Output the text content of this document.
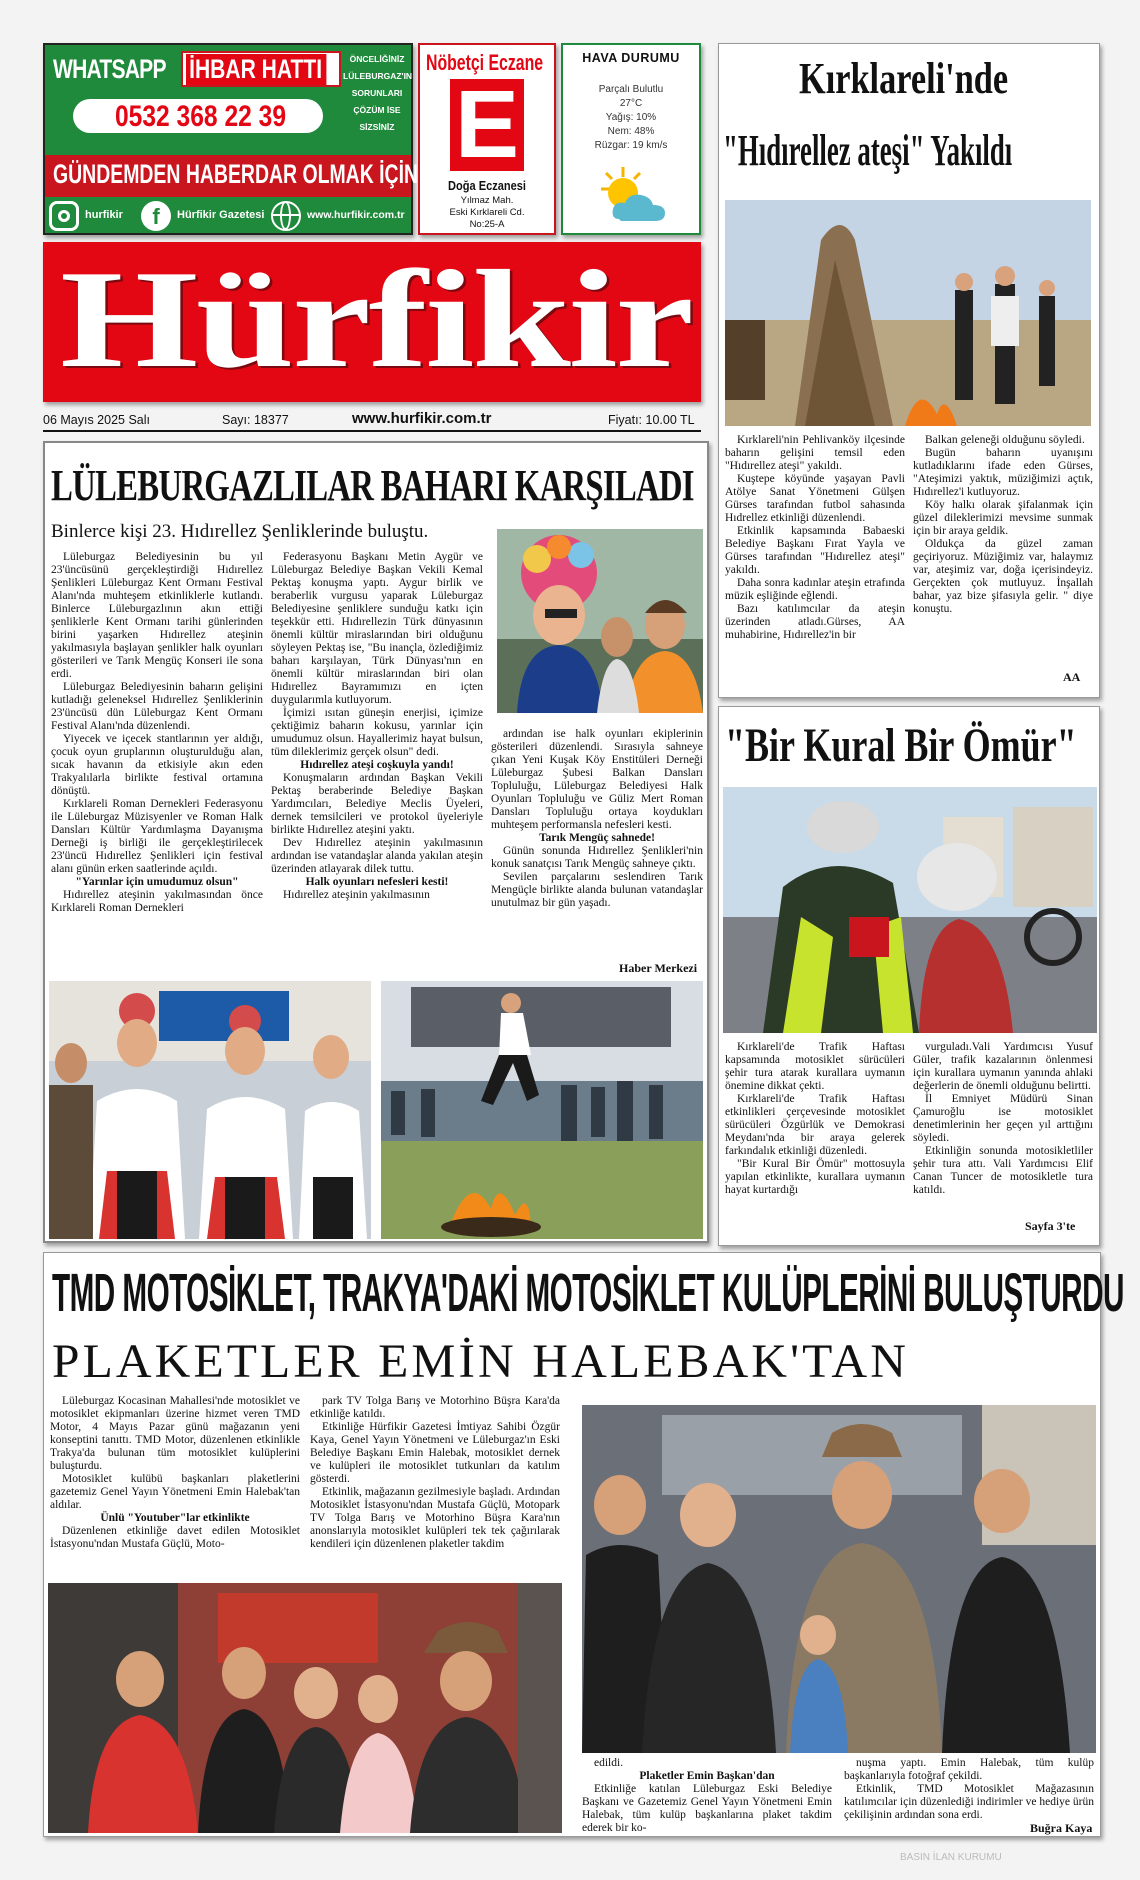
WHATSAPP İHBAR HATTI
0532 368 22 39
ÖNCELİĞİNİZ
LÜLEBURGAZ'IN
SORUNLARI
ÇÖZÜM İSE
SİZSİNİZ
GÜNDEMDEN HABERDAR OLMAK İÇİN
hurfikir	f	Hürfikir Gazetesi	www.hurfikir.com.tr
Nöbetçi Eczane
E
Doğa Eczanesi
Yılmaz Mah.
Eski Kırklareli Cd.
No:25-A
HAVA DURUMU
Parçalı Bulutlu
27°C
Yağış: 10%
Nem: 48%
Rüzgar: 19 km/s
Hürfikir
06 Mayıs 2025 Salı	Sayı: 18377	www.hurfikir.com.tr	Fiyatı: 10.00 TL
LÜLEBURGAZLILAR BAHARI KARŞILADI
Binlerce kişi 23. Hıdırellez Şenliklerinde buluştu.

Lüleburgaz Belediyesinin bu yıl 23'üncüsünü gerçekleştirdiği Hıdırellez Şenlikleri Lüleburgaz Kent Ormanı Festival Alanı'nda muhteşem etkinliklerle kutlandı. Binlerce Lüleburgazlının akın ettiği şenliklerle Kent Ormanı tarihi günlerinden birini yaşarken Hıdırellez ateşinin yakılmasıyla başlayan şenlikler halk oyunları gösterileri ve Tarık Mengüç Konseri ile sona erdi.

Lüleburgaz Belediyesinin baharın gelişini kutladığı geleneksel Hıdırellez Şenliklerinin 23'üncüsü dün Lüleburgaz Kent Ormanı Festival Alanı'nda düzenlendi.

Yiyecek ve içecek stantlarının yer aldığı, çocuk oyun gruplarının oluşturulduğu alan, sıcak havanın da etkisiyle akın eden Trakyalılarla birlikte festival ortamına dönüştü.

Kırklareli Roman Dernekleri Federasyonu ile Lüleburgaz Müzisyenler ve Roman Halk Dansları Kültür Yardımlaşma Dayanışma Derneği iş birliği ile gerçekleştirilecek 23'üncü Hıdırellez Şenlikleri için festival alanı günün erken saatlerinde açıldı.

"Yarınlar için umudumuz olsun"

Hıdırellez ateşinin yakılmasından önce Kırklareli Roman Dernekleri

Federasyonu Başkanı Metin Aygür ve Lüleburgaz Belediye Başkan Vekili Kemal Pektaş konuşma yaptı. Aygur birlik ve beraberlik vurgusu yaparak Lüleburgaz Belediyesine şenliklere sunduğu katkı için teşekkür etti. Hıdırellezin Türk dünyasının önemli kültür miraslarından biri olduğunu söyleyen Pektaş ise, "Bu inançla, özlediğimiz baharı karşılayan, Türk Dünyası'nın en önemli kültür miraslarından biri olan Hıdırellez Bayramımızı en içten duygularımla kutluyorum.

İçimizi ısıtan güneşin enerjisi, içimize çektiğimiz baharın kokusu, yarınlar için umudumuz olsun. Hayallerimiz hayat bulsun, tüm dileklerimiz gerçek olsun" dedi.

Hıdırellez ateşi coşkuyla yandı!

Konuşmaların ardından Başkan Vekili Pektaş beraberinde Belediye Başkan Yardımcıları, Belediye Meclis Üyeleri, dernek temsilcileri ve protokol üyeleriyle birlikte Hıdırellez ateşini yaktı.

Dev Hıdırellez ateşinin yakılmasının ardından ise vatandaşlar alanda yakılan ateşin üzerinden atlayarak dilek tuttu.

Halk oyunları nefesleri kesti!

Hıdırellez ateşinin yakılmasının

ardından ise halk oyunları ekiplerinin gösterileri düzenlendi. Sırasıyla sahneye çıkan Yeni Kuşak Köy Enstitüleri Derneği Lüleburgaz Şubesi Balkan Dansları Topluluğu, Lüleburgaz Belediyesi Halk Oyunları Topluluğu ve Güliz Mert Roman Dansları Topluluğu ortaya koydukları muhteşem performansla nefesleri kesti.

Tarık Mengüç sahnede!

Günün sonunda Hıdırellez Şenlikleri'nin konuk sanatçısı Tarık Mengüç sahneye çıktı.

Sevilen parçalarını seslendiren Tarık Mengüçle birlikte alanda bulunan vatandaşlar unutulmaz bir gün yaşadı.

Haber Merkezi
Kırklareli'nde
"Hıdırellez ateşi" Yakıldı

Kırklareli'nin Pehlivanköy ilçesinde baharın gelişini temsil eden "Hıdırellez ateşi" yakıldı.

Kuştepe köyünde yaşayan Pavli Atölye Sanat Yönetmeni Gülşen Gürses tarafından futbol sahasında Hıdrellez etkinliği düzenlendi.

Etkinlik kapsamında Babaeski Belediye Başkanı Fırat Yayla ve Gürses tarafından "Hıdırellez ateşi" yakıldı.

Daha sonra kadınlar ateşin etrafında müzik eşliğinde eğlendi.

Bazı katılımcılar da ateşin üzerinden atladı.Gürses, AA muhabirine, Hıdırellez'in bir

Balkan geleneği olduğunu söyledi.

Bugün baharın uyanışını kutladıklarını ifade eden Gürses, "Ateşimizi yaktık, müziğimizi açtık, Hıdırellez'i kutluyoruz.

Köy halkı olarak şifalanmak için güzel dileklerimizi mevsime sunmak için bir araya geldik.

Oldukça da güzel zaman geçiriyoruz. Müziğimiz var, halaymız var, ateşimiz var, doğa içerisindeyiz. Gerçekten çok mutluyuz. İnşallah bahar, yaz bize şifasıyla gelir. " diye konuştu.

AA
"Bir Kural Bir Ömür"

Kırklareli'de Trafik Haftası kapsamında motosiklet sürücüleri şehir tura atarak kurallara uymanın önemine dikkat çekti.

Kırklareli'de Trafik Haftası etkinlikleri çerçevesinde motosiklet sürücüleri Özgürlük ve Demokrasi Meydanı'nda bir araya gelerek farkındalık etkinliği düzenledi.

"Bir Kural Bir Ömür" mottosuyla yapılan etkinlikte, kurallara uymanın hayat kurtardığı

vurguladı.Vali Yardımcısı Yusuf Güler, trafik kazalarının önlenmesi için kurallara uymanın yanında ahlaki değerlerin de önemli olduğunu belirtti.

İl Emniyet Müdürü Sinan Çamuroğlu ise motosiklet denetimlerinin her geçen yıl arttığını söyledi.

Etkinliğin sonunda motosikletliler şehir tura attı. Vali Yardımcısı Elif Canan Tuncer de motosikletle tura katıldı.

Sayfa 3'te
TMD MOTOSİKLET, TRAKYA'DAKİ MOTOSİKLET KULÜPLERİNİ BULUŞTURDU
PLAKETLER EMİN HALEBAK'TAN

Lüleburgaz Kocasinan Mahallesi'nde motosiklet ve motosiklet ekipmanları üzerine hizmet veren TMD Motor, 4 Mayıs Pazar günü mağazanın yeni konseptini tanıttı. TMD Motor, düzenlenen etkinlikle Trakya'da bulunan tüm motosiklet kulüplerini buluşturdu.

Motosiklet kulübü başkanları plaketlerini gazetemiz Genel Yayın Yönetmeni Emin Halebak'tan aldılar.

Ünlü "Youtuber"lar etkinlikte

Düzenlenen etkinliğe davet edilen Motosiklet İstasyonu'ndan Mustafa Güçlü, Moto-

park TV Tolga Barış ve Motorhino Büşra Kara'da etkinliğe katıldı.

Etkinliğe Hürfikir Gazetesi İmtiyaz Sahibi Özgür Kaya, Genel Yayın Yönetmeni ve Lüleburgaz'ın Eski Belediye Başkanı Emin Halebak, motosiklet dernek ve kulüpleri ile motosiklet tutkunları da katılım gösterdi.

Etkinlik, mağazanın gezilmesiyle başladı. Ardından Motosiklet İstasyonu'ndan Mustafa Güçlü, Motopark TV Tolga Barış ve Motorhino Büşra Kara'nın anonslarıyla motosiklet kulüpleri tek tek çağırılarak kendileri için düzenlenen plaketler takdim

edildi.

Plaketler Emin Başkan'dan

Etkinliğe katılan Lüleburgaz Eski Belediye Başkanı ve Gazetemiz Genel Yayın Yönetmeni Emin Halebak, tüm kulüp başkanlarına plaket takdim ederek bir ko-

nuşma yaptı. Emin Halebak, tüm kulüp başkanlarıyla fotoğraf çekildi.

Etkinlik, TMD Motosiklet Mağazasının katılımcılar için düzenlediği indirimler ve hediye ürün çekilişinin ardından sona erdi.

Buğra Kaya
BASIN İLAN KURUMU
